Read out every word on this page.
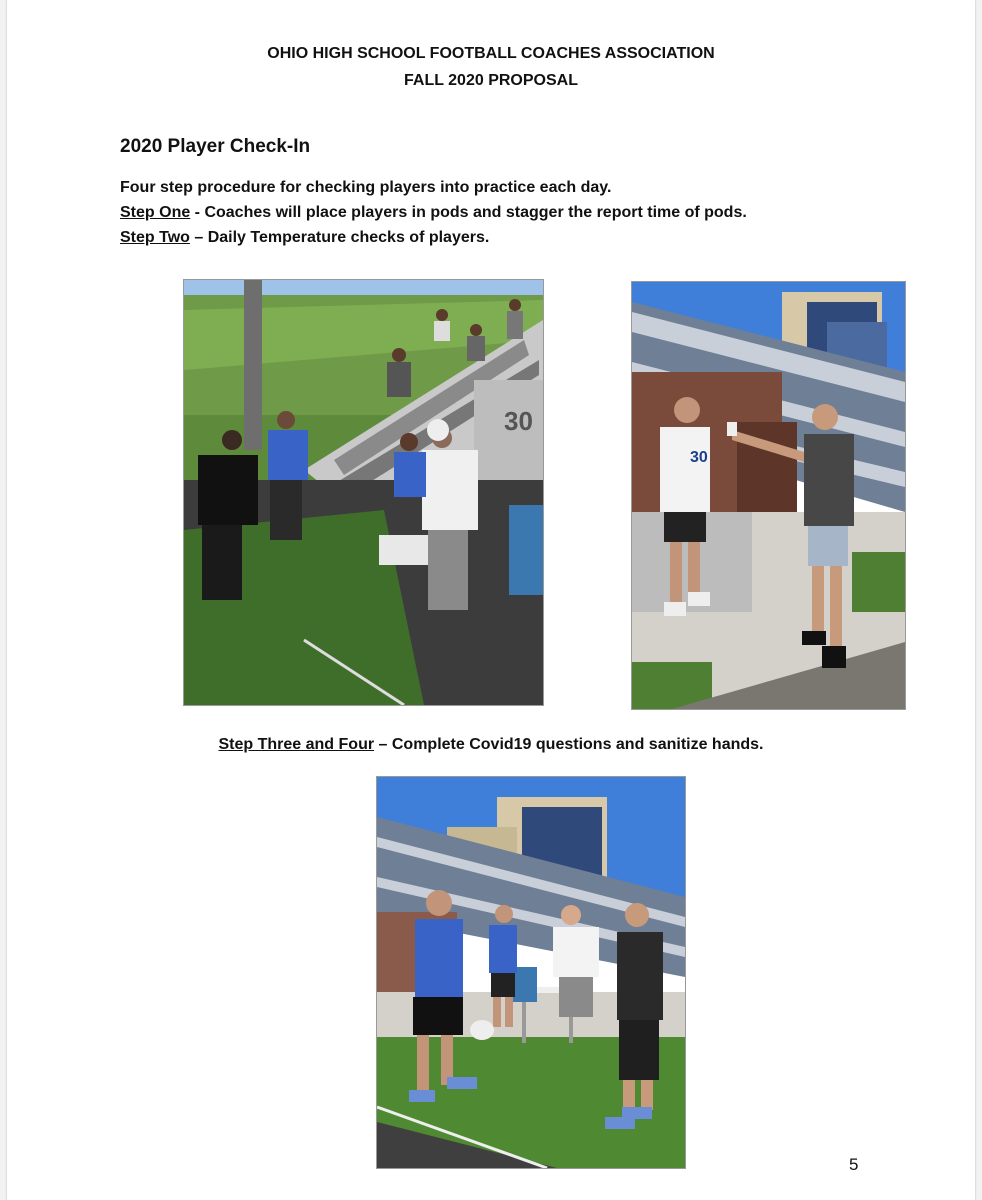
OHIO HIGH SCHOOL FOOTBALL COACHES ASSOCIATION
FALL 2020 PROPOSAL
2020 Player Check-In
Four step procedure for checking players into practice each day.
Step One - Coaches will place players in pods and stagger the report time of pods.
Step Two – Daily Temperature checks of players.
30
30
Step Three and Four – Complete Covid19 questions and sanitize hands.
5
